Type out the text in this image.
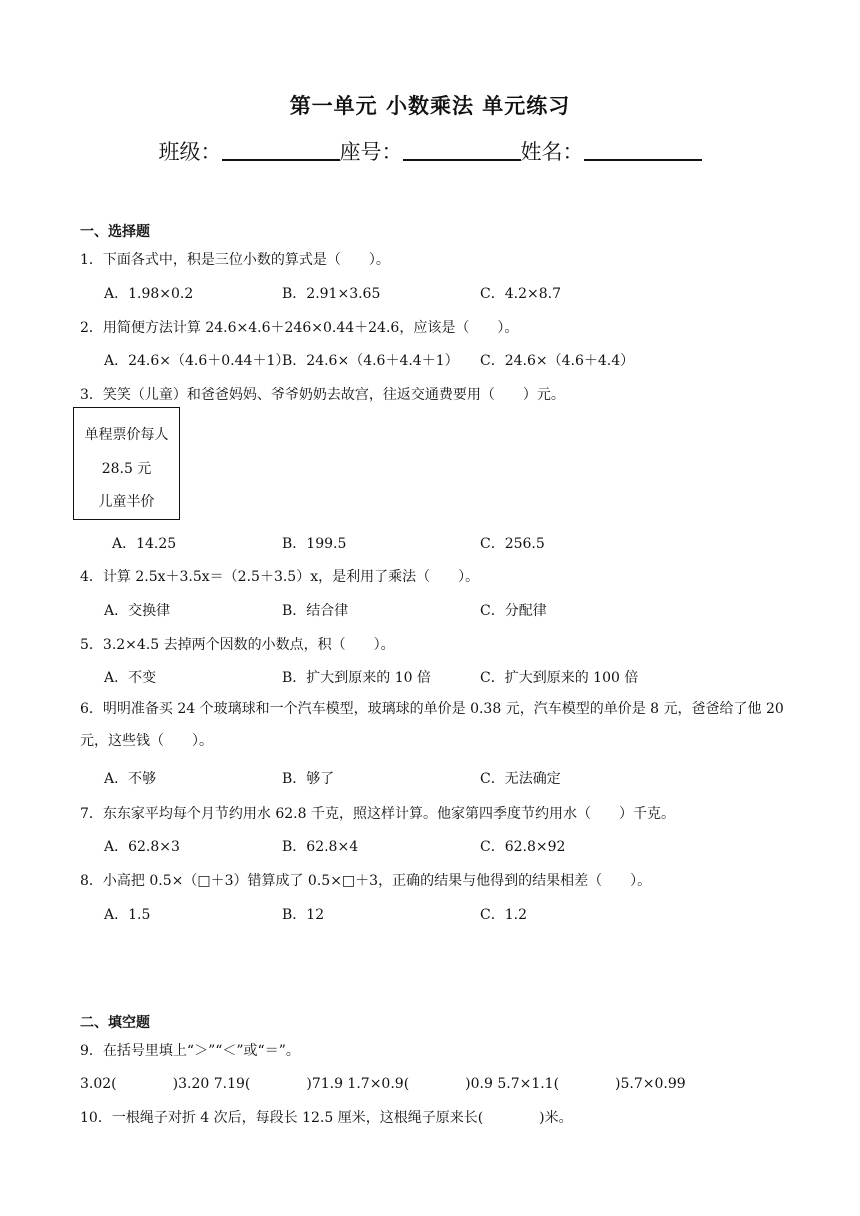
第一单元 小数乘法 单元练习
班级：	座号：	姓名：
一、选择题
1．下面各式中，积是三位小数的算式是（　　）。
A．1.98×0.2	B．2.91×3.65	C．4.2×8.7
2．用简便方法计算 24.6×4.6＋246×0.44＋24.6，应该是（　　）。
A．24.6×（4.6＋0.44＋1）
B．24.6×（4.6＋4.4＋1） C．24.6×（4.6＋4.4）
3．笑笑（儿童）和爸爸妈妈、爷爷奶奶去故宫，往返交通费要用（　　）元。
单程票价每人
28.5 元
儿童半价
A．14.25	B．199.5	C．256.5
4．计算 2.5x＋3.5x＝（2.5＋3.5）x，是利用了乘法（　　）。
A．交换律	B．结合律	C．分配律
5．3.2×4.5 去掉两个因数的小数点，积（　　）。
A．不变	B．扩大到原来的 10 倍	C．扩大到原来的 100 倍
6．明明准备买 24 个玻璃球和一个汽车模型，玻璃球的单价是 0.38 元，汽车模型的单价是 8 元，爸爸给了他 20 元，这些钱（　　）。
A．不够	B．够了	C．无法确定
7．东东家平均每个月节约用水 62.8 千克，照这样计算。他家第四季度节约用水（　　）千克。
A．62.8×3	B．62.8×4	C．62.8×92
8．小高把 0.5×（□＋3）错算成了 0.5×□＋3，正确的结果与他得到的结果相差（　　）。
A．1.5	B．12	C．1.2
二、填空题
9．在括号里填上“＞”“＜”或“＝”。
3.02(　　　　)3.20 7.19(　　　　)71.9 1.7×0.9(　　　　)0.9 5.7×1.1(　　　　)5.7×0.99
10．一根绳子对折 4 次后，每段长 12.5 厘米，这根绳子原来长(　　　　)米。
